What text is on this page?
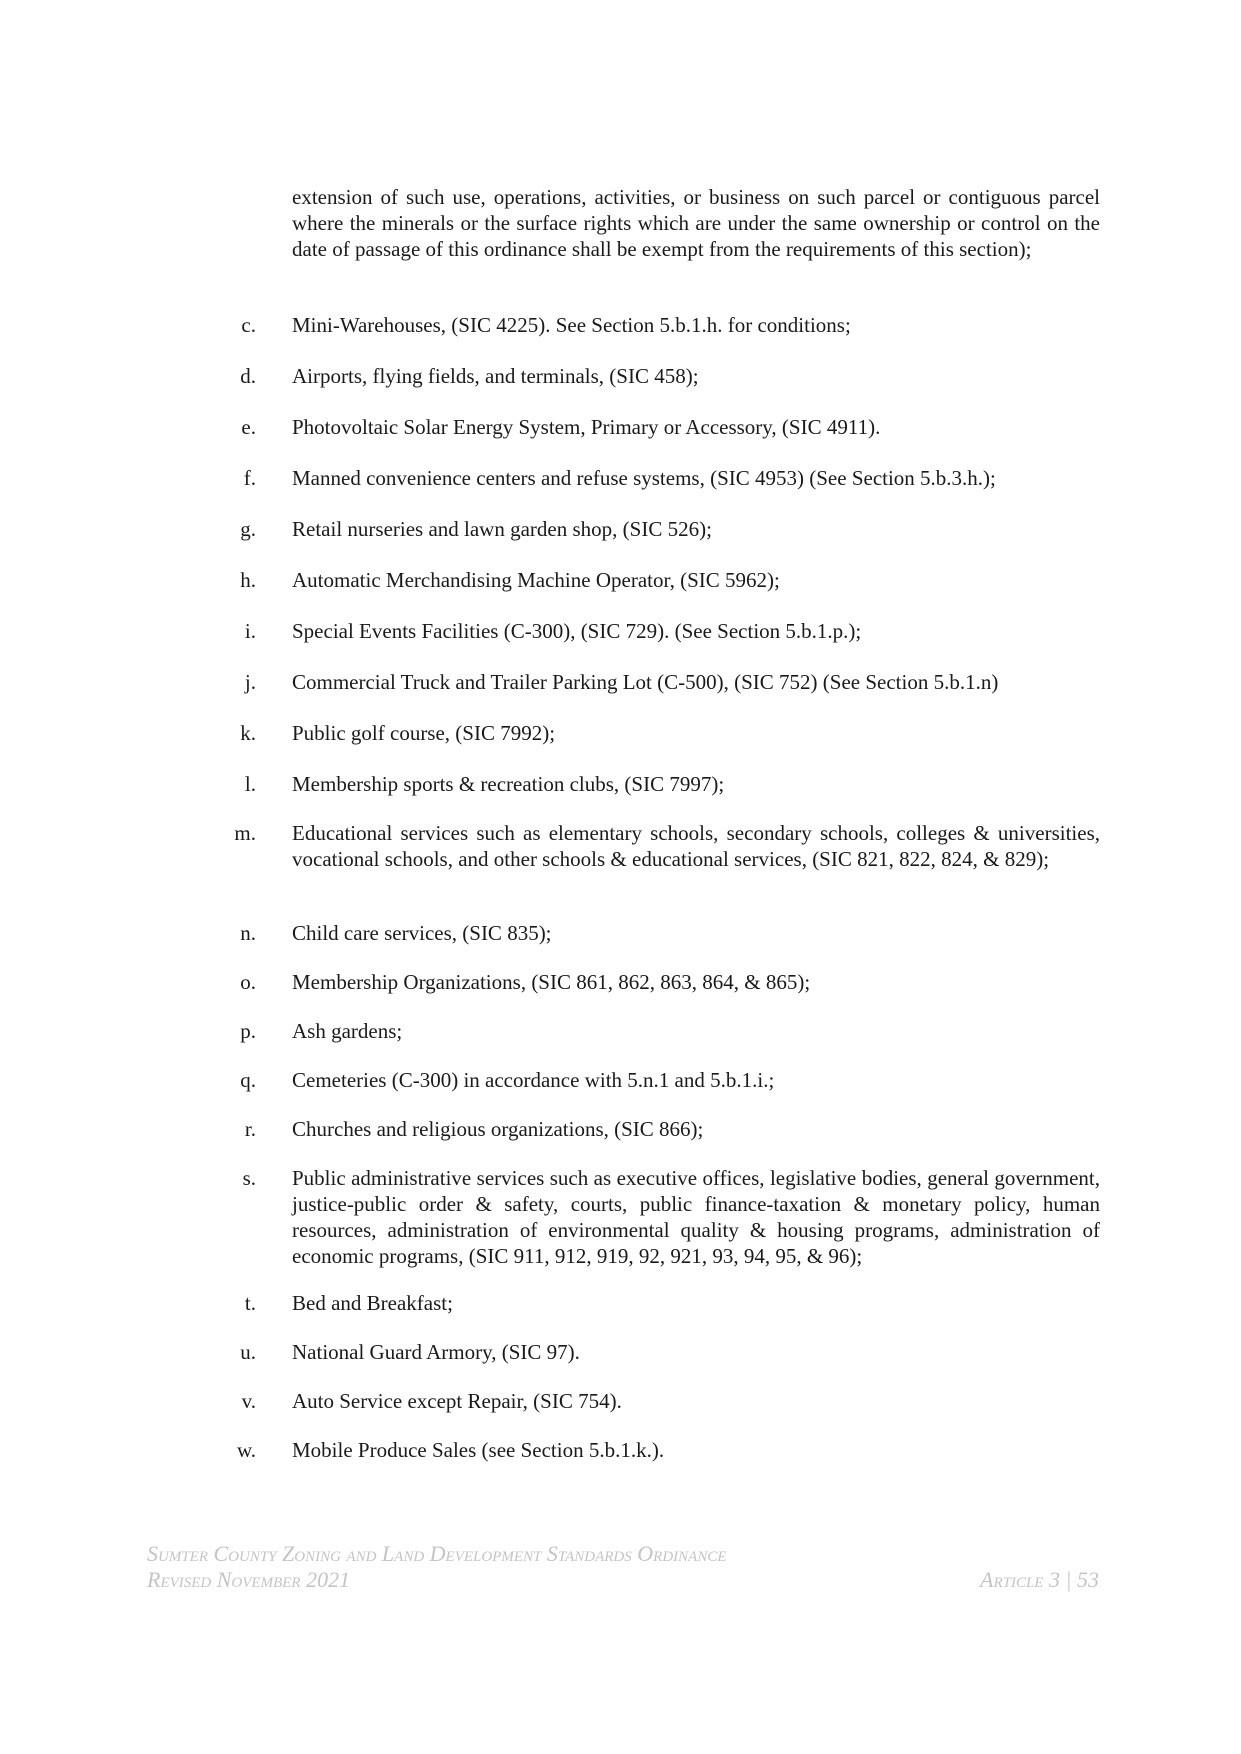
extension of such use, operations, activities, or business on such parcel or contiguous parcel where the minerals or the surface rights which are under the same ownership or control on the date of passage of this ordinance shall be exempt from the requirements of this section);

c. Mini-Warehouses, (SIC 4225). See Section 5.b.1.h. for conditions;
d. Airports, flying fields, and terminals, (SIC 458);
e. Photovoltaic Solar Energy System, Primary or Accessory, (SIC 4911).
f. Manned convenience centers and refuse systems, (SIC 4953) (See Section 5.b.3.h.);
g. Retail nurseries and lawn garden shop, (SIC 526);
h. Automatic Merchandising Machine Operator, (SIC 5962);
i. Special Events Facilities (C-300), (SIC 729). (See Section 5.b.1.p.);
j. Commercial Truck and Trailer Parking Lot (C-500), (SIC 752) (See Section 5.b.1.n)
k. Public golf course, (SIC 7992);
l. Membership sports & recreation clubs, (SIC 7997);
m. Educational services such as elementary schools, secondary schools, colleges & universities, vocational schools, and other schools & educational services, (SIC 821, 822, 824, & 829);
n. Child care services, (SIC 835);
o. Membership Organizations, (SIC 861, 862, 863, 864, & 865);
p. Ash gardens;
q. Cemeteries (C-300) in accordance with 5.n.1 and 5.b.1.i.;
r. Churches and religious organizations, (SIC 866);
s. Public administrative services such as executive offices, legislative bodies, general government, justice-public order & safety, courts, public finance-taxation & monetary policy, human resources, administration of environmental quality & housing programs, administration of economic programs, (SIC 911, 912, 919, 92, 921, 93, 94, 95, & 96);
t. Bed and Breakfast;
u. National Guard Armory, (SIC 97).
v. Auto Service except Repair, (SIC 754).
w. Mobile Produce Sales (see Section 5.b.1.k.).
Sumter County Zoning and Land Development Standards Ordinance
Revised November 2021	Article 3 | 53
